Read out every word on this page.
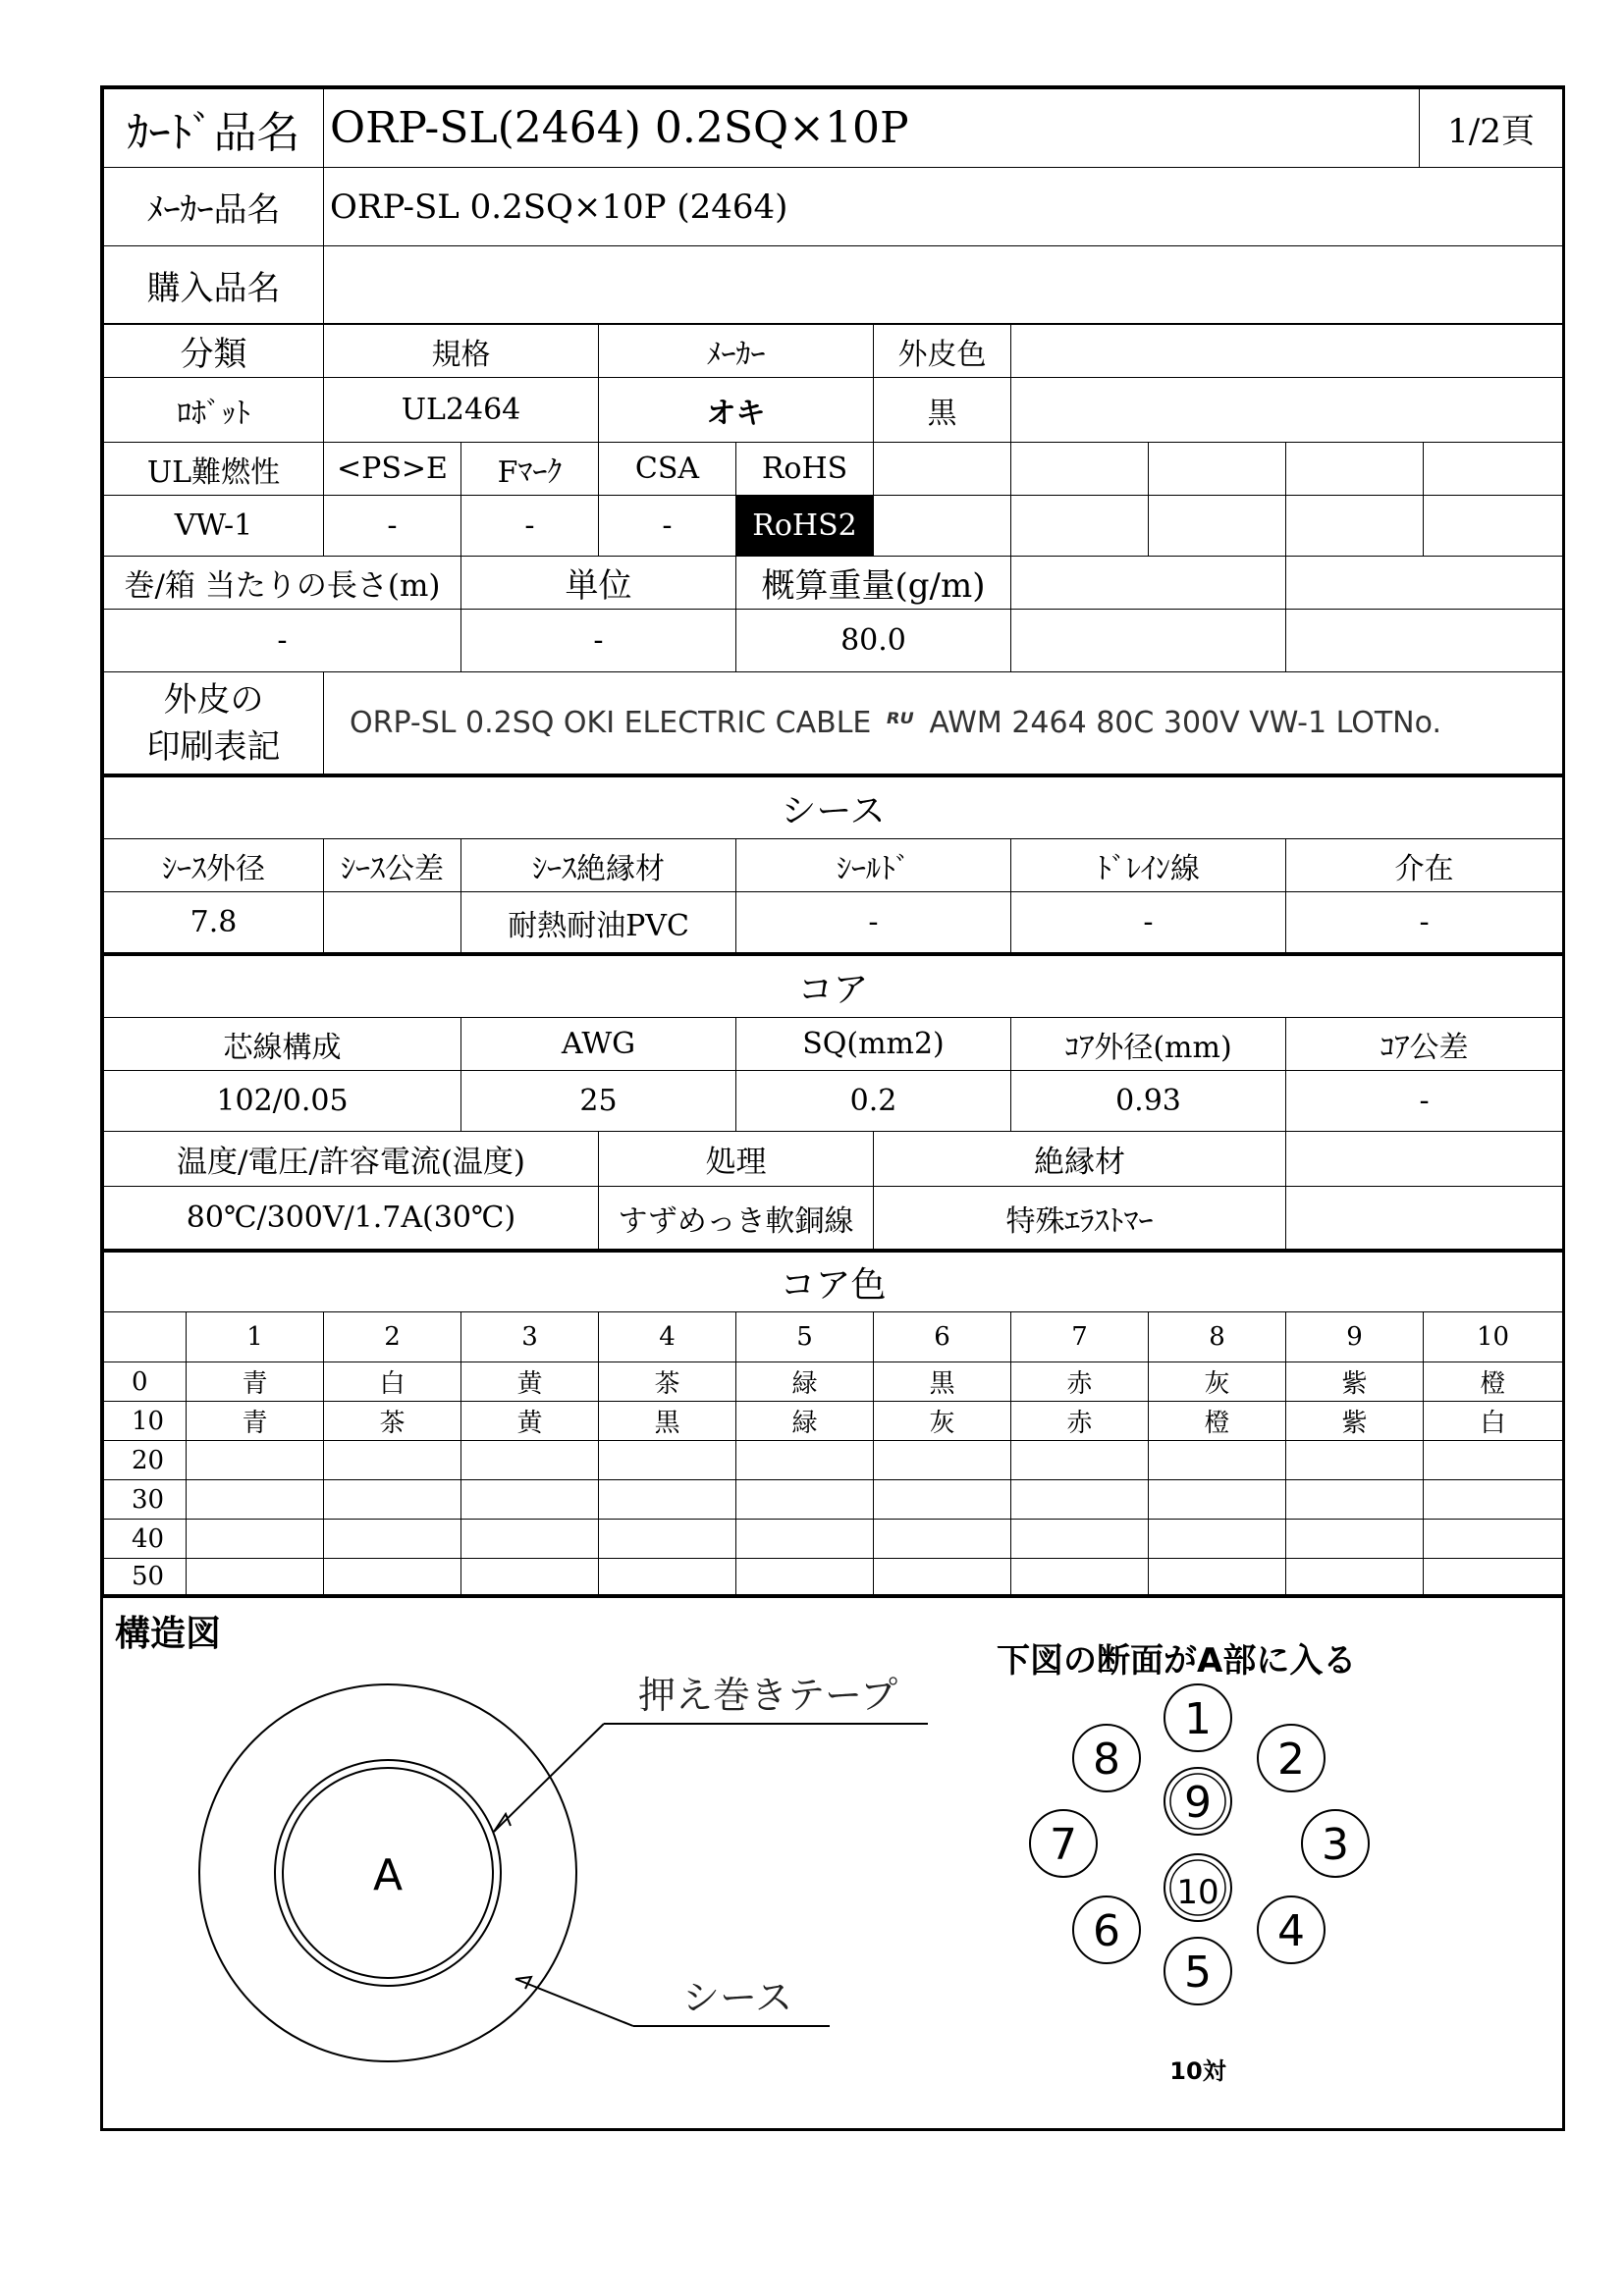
ｶｰﾄﾞ品名	ORP-SL(2464) 0.2SQ×10P	1/2頁
ﾒｰｶｰ品名	ORP-SL 0.2SQ×10P (2464)	
購入品名		
分類	規格		ﾒｰｶｰ		外皮色				
ﾛﾎﾞｯﾄ	UL2464		オキ		黒				
UL難燃性	<PS>E	Fﾏｰｸ	CSA	RoHS					
VW-1	-	-	-	RoHS2					
巻/箱 当たりの長さ(m)		単位		概算重量(g/m)					
-		-		80.0					

外皮の
印刷表記	ORP-SL 0.2SQ OKI ELECTRIC CABLE ᴿᵁ AWM 2464 80C 300V VW-1 LOTNo.								
シース					
ｼｰｽ外径	ｼｰｽ公差	ｼｰｽ絶縁材	ｼｰﾙﾄﾞ	ﾄﾞﾚｲﾝ線	介在
7.8		耐熱耐油PVC	-	-	-
コア						
芯線構成	AWG		SQ(mm2)		ｺｱ外径(mm)	ｺｱ公差
102/0.05	25		0.2		0.93	-
温度/電圧/許容電流(温度)		処理		絶縁材		
80℃/300V/1.7A(30℃)		すずめっき軟銅線		特殊ｴﾗｽﾄﾏｰ		
コア色										
	1	2	3	4	5	6	7	8	9	10
0	青	白	黄	茶	緑	黒	赤	灰	紫	橙
10	青	茶	黄	黒	緑	灰	赤	橙	紫	白
20										
30										
40										
50										
構造図
A
押え巻きテープ
シース
下図の断面がA部に入る
1
2
3
4
5
6
7
8
9
10
10対
